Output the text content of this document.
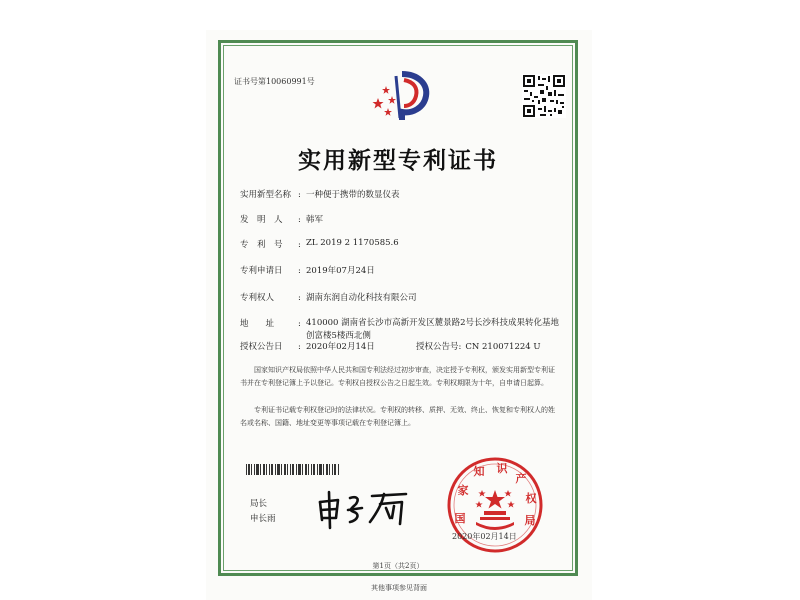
证书号第10060991号
实用新型专利证书
实用新型名称 : 一种便于携带的数显仪表
发　明　人 : 韩军
专　利　号 : ZL 2019 2 1170585.6
专利申请日 : 2019年07月24日
专利权人	: 湖南东润自动化科技有限公司
地　　址	: 410000 湖南省长沙市高新开发区麓景路2号长沙科技成果转化基地创富楼5楼西北侧
授权公告日 : 2020年02月14日	授权公告号: CN 210071224 U
国家知识产权局依照中华人民共和国专利法经过初步审查，决定授予专利权，颁发实用新型专利证书并在专利登记簿上予以登记。专利权自授权公告之日起生效。专利权期限为十年，自申请日起算。
专利证书记载专利权登记时的法律状况。专利权的转移、质押、无效、终止、恢复和专利权人的姓名或名称、国籍、地址变更等事项记载在专利登记簿上。
局长
申长雨	国
家
知 识
产
权
局
2020年02月14日
第1页（共2页）
其他事项参见背面
